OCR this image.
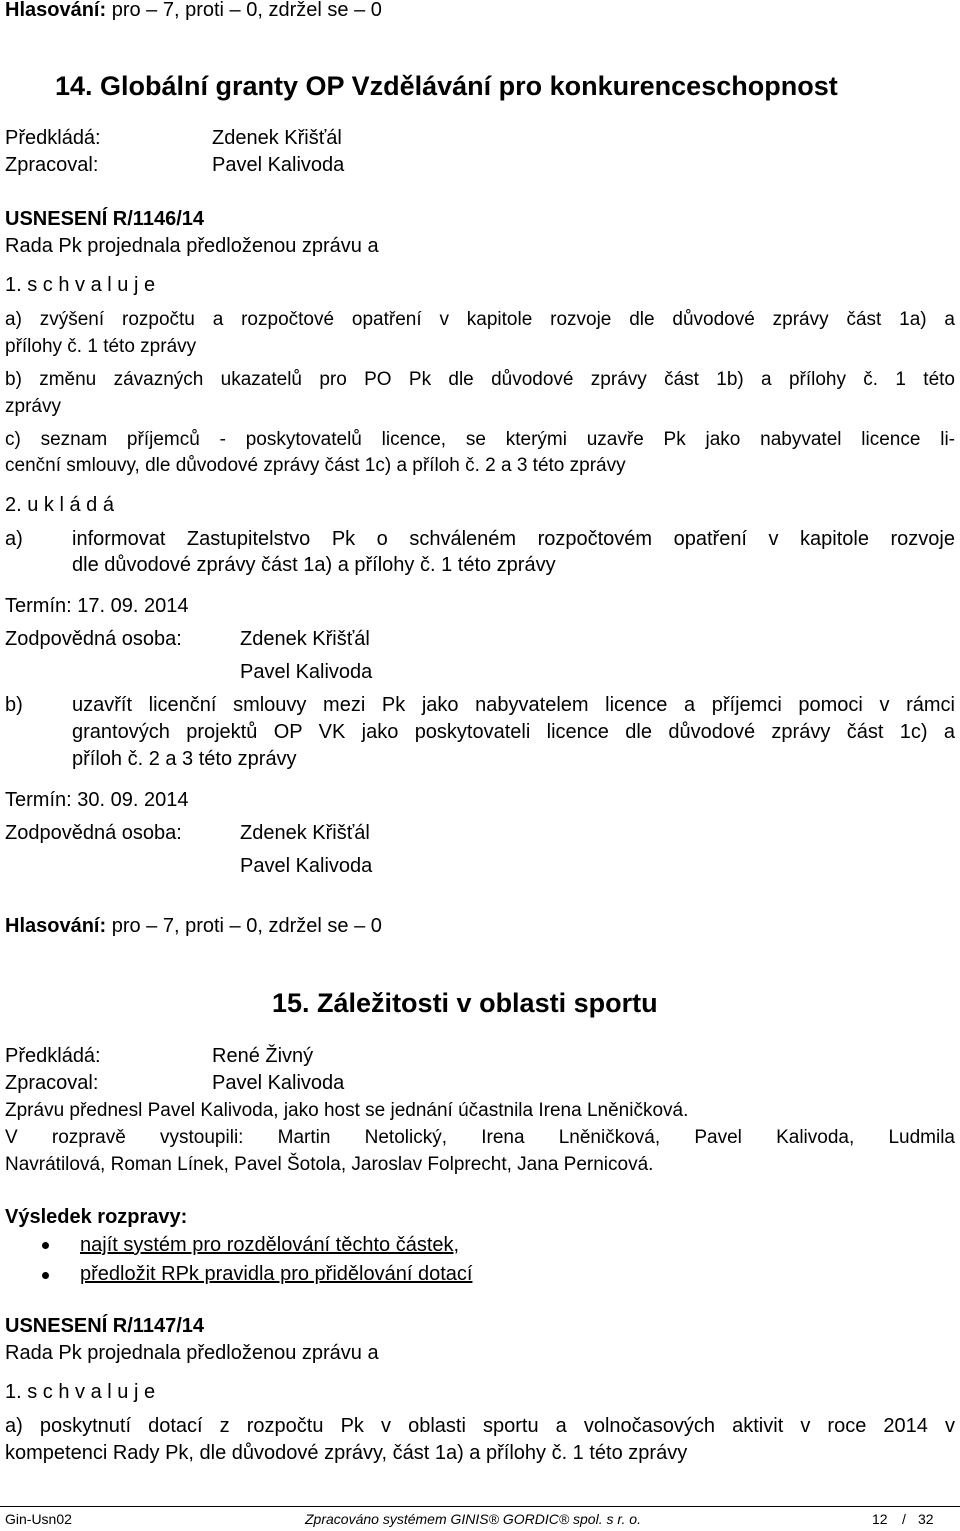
Hlasování: pro – 7, proti – 0, zdržel se – 0
14. Globální granty OP Vzdělávání pro konkurenceschopnost
Předkládá:	Zdenek Křišťál
Zpracoval:	Pavel Kalivoda
USNESENÍ R/1146/14
Rada Pk projednala předloženou zprávu a
1. s c h v a l u j e
a) zvýšení rozpočtu a rozpočtové opatření v kapitole rozvoje dle důvodové zprávy část 1a) a
přílohy č. 1 této zprávy
b) změnu závazných ukazatelů pro PO Pk dle důvodové zprávy část 1b) a přílohy č. 1 této
zprávy
c) seznam příjemců - poskytovatelů licence, se kterými uzavře Pk jako nabyvatel licence li-
cenční smlouvy, dle důvodové zprávy část 1c) a příloh č. 2 a 3 této zprávy
2. u k l á d á
a) informovat Zastupitelstvo Pk o schváleném rozpočtovém opatření v kapitole rozvoje
dle důvodové zprávy část 1a) a přílohy č. 1 této zprávy
Termín: 17. 09. 2014
Zodpovědná osoba:	Zdenek Křišťál
Pavel Kalivoda
b) uzavřít licenční smlouvy mezi Pk jako nabyvatelem licence a příjemci pomoci v rámci
grantových projektů OP VK jako poskytovateli licence dle důvodové zprávy část 1c) a
příloh č. 2 a 3 této zprávy
Termín: 30. 09. 2014
Zodpovědná osoba:	Zdenek Křišťál
Pavel Kalivoda
Hlasování: pro – 7, proti – 0, zdržel se – 0
15. Záležitosti v oblasti sportu
Předkládá:	René Živný
Zpracoval:	Pavel Kalivoda
Zprávu přednesl Pavel Kalivoda, jako host se jednání účastnila Irena Lněničková.
V rozpravě vystoupili: Martin Netolický, Irena Lněničková, Pavel Kalivoda, Ludmila
Navrátilová, Roman Línek, Pavel Šotola, Jaroslav Folprecht, Jana Pernicová.
Výsledek rozpravy:
najít systém pro rozdělování těchto částek,
předložit RPk pravidla pro přidělování dotací
USNESENÍ R/1147/14
Rada Pk projednala předloženou zprávu a
1. s c h v a l u j e
a) poskytnutí dotací z rozpočtu Pk v oblasti sportu a volnočasových aktivit v roce 2014 v
kompetenci Rady Pk, dle důvodové zprávy, část 1a) a přílohy č. 1 této zprávy
Gin-Usn02	Zpracováno systémem GINIS® GORDIC® spol. s r. o.	12 / 32
